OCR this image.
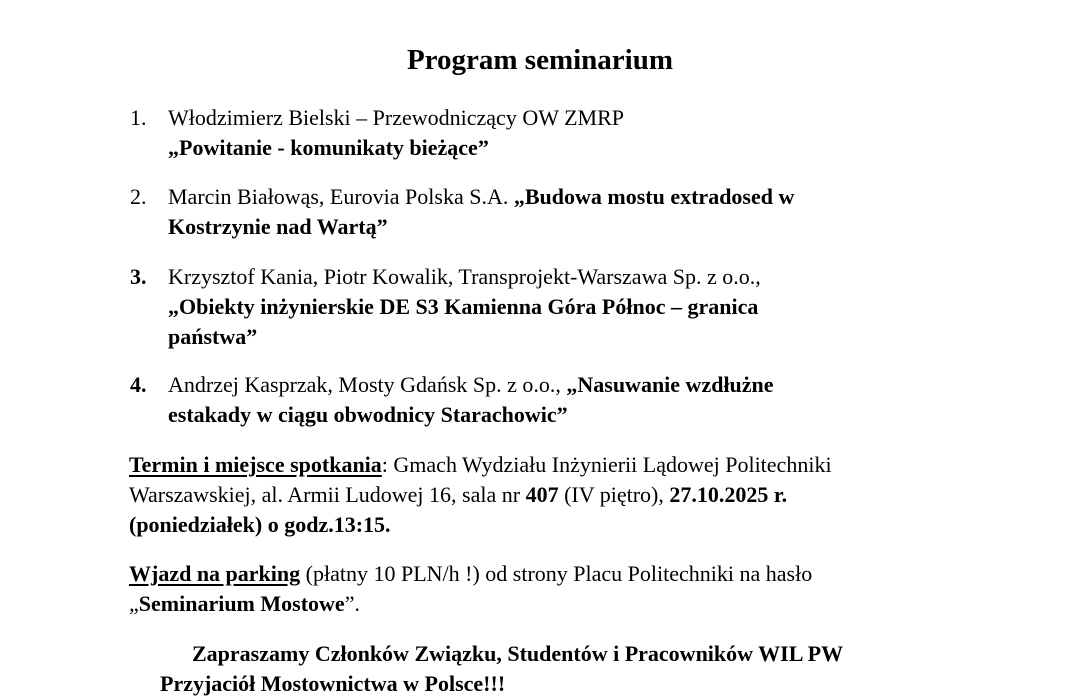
Program seminarium
1. Włodzimierz Bielski – Przewodniczący OW ZMRP
„Powitanie - komunikaty bieżące”
2. Marcin Białowąs, Eurovia Polska S.A. „Budowa mostu extradosed w
Kostrzynie nad Wartą”
3. Krzysztof Kania, Piotr Kowalik, Transprojekt-Warszawa Sp. z o.o.,
„Obiekty inżynierskie DE S3 Kamienna Góra Północ – granica
państwa”
4. Andrzej Kasprzak, Mosty Gdańsk Sp. z o.o., „Nasuwanie wzdłużne
estakady w ciągu obwodnicy Starachowic”
Termin i miejsce spotkania: Gmach Wydziału Inżynierii Lądowej Politechniki
Warszawskiej, al. Armii Ludowej 16, sala nr 407 (IV piętro), 27.10.2025 r.
(poniedziałek) o godz.13:15.
Wjazd na parking (płatny 10 PLN/h !) od strony Placu Politechniki na hasło
„Seminarium Mostowe”.
Zapraszamy Członków Związku, Studentów i Pracowników WIL PW
Przyjaciół Mostownictwa w Polsce!!!
